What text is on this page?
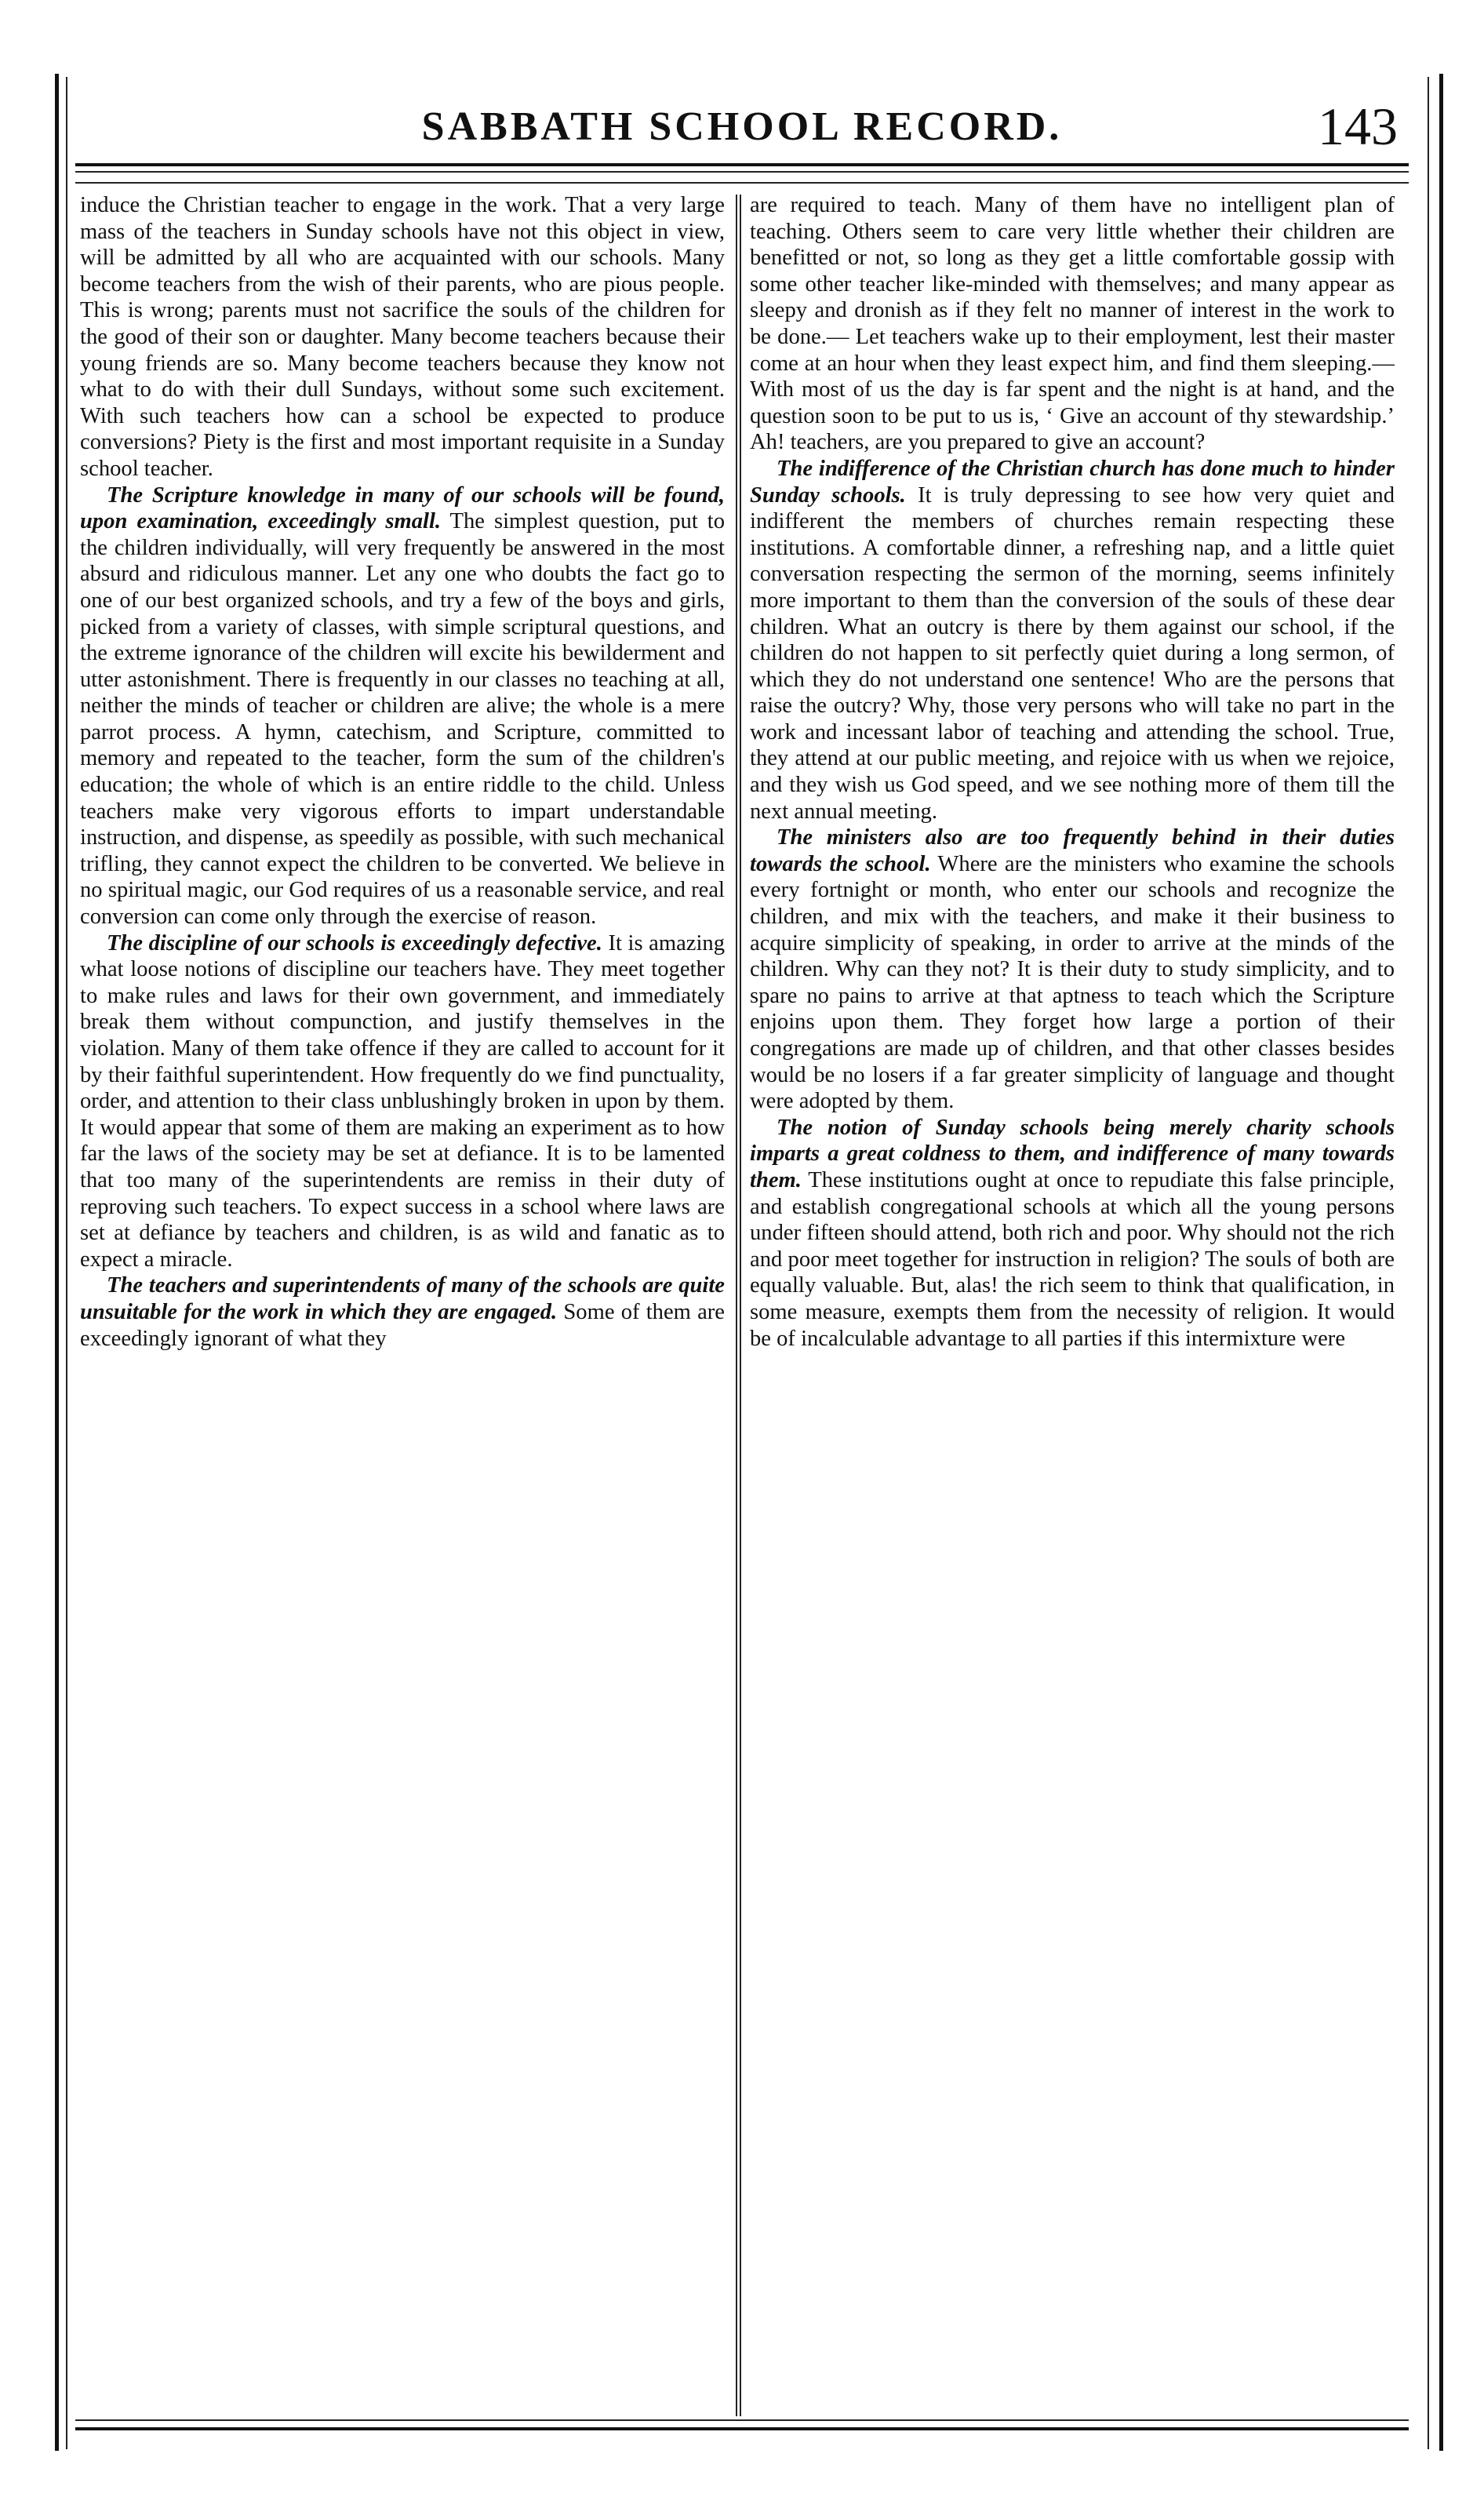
SABBATH SCHOOL RECORD.	143

induce the Christian teacher to engage in the work. That a very large mass of the teachers in Sunday schools have not this object in view, will be admitted by all who are acquainted with our schools. Many become teachers from the wish of their parents, who are pious people. This is wrong; parents must not sacrifice the souls of the children for the good of their son or daughter. Many become teachers because their young friends are so. Many become teachers because they know not what to do with their dull Sundays, without some such excitement. With such teachers how can a school be expected to produce conversions? Piety is the first and most important requisite in a Sunday school teacher.

The Scripture knowledge in many of our schools will be found, upon examination, exceedingly small. The simplest question, put to the children individually, will very frequently be answered in the most absurd and ridiculous manner. Let any one who doubts the fact go to one of our best organized schools, and try a few of the boys and girls, picked from a variety of classes, with simple scriptural questions, and the extreme ignorance of the children will excite his bewilderment and utter astonishment. There is frequently in our classes no teaching at all, neither the minds of teacher or children are alive; the whole is a mere parrot process. A hymn, catechism, and Scripture, committed to memory and repeated to the teacher, form the sum of the children's education; the whole of which is an entire riddle to the child. Unless teachers make very vigorous efforts to impart understandable instruction, and dispense, as speedily as possible, with such mechanical trifling, they cannot expect the children to be converted. We believe in no spiritual magic, our God requires of us a reasonable service, and real conversion can come only through the exercise of reason.

The discipline of our schools is exceedingly defective. It is amazing what loose notions of discipline our teachers have. They meet together to make rules and laws for their own government, and immediately break them without compunction, and justify themselves in the violation. Many of them take offence if they are called to account for it by their faithful superintendent. How frequently do we find punctuality, order, and attention to their class unblushingly broken in upon by them. It would appear that some of them are making an experiment as to how far the laws of the society may be set at defiance. It is to be lamented that too many of the superintendents are remiss in their duty of reproving such teachers. To expect success in a school where laws are set at defiance by teachers and children, is as wild and fanatic as to expect a miracle.

The teachers and superintendents of many of the schools are quite unsuitable for the work in which they are engaged. Some of them are exceedingly ignorant of what they

are required to teach. Many of them have no intelligent plan of teaching. Others seem to care very little whether their children are benefitted or not, so long as they get a little comfortable gossip with some other teacher like-minded with themselves; and many appear as sleepy and dronish as if they felt no manner of interest in the work to be done.— Let teachers wake up to their employment, lest their master come at an hour when they least expect him, and find them sleeping.— With most of us the day is far spent and the night is at hand, and the question soon to be put to us is, ‘ Give an account of thy stewardship.’ Ah! teachers, are you prepared to give an account?

The indifference of the Christian church has done much to hinder Sunday schools. It is truly depressing to see how very quiet and indifferent the members of churches remain respecting these institutions. A comfortable dinner, a refreshing nap, and a little quiet conversation respecting the sermon of the morning, seems infinitely more important to them than the conversion of the souls of these dear children. What an outcry is there by them against our school, if the children do not happen to sit perfectly quiet during a long sermon, of which they do not understand one sentence! Who are the persons that raise the outcry? Why, those very persons who will take no part in the work and incessant labor of teaching and attending the school. True, they attend at our public meeting, and rejoice with us when we rejoice, and they wish us God speed, and we see nothing more of them till the next annual meeting.

The ministers also are too frequently behind in their duties towards the school. Where are the ministers who examine the schools every fortnight or month, who enter our schools and recognize the children, and mix with the teachers, and make it their business to acquire simplicity of speaking, in order to arrive at the minds of the children. Why can they not? It is their duty to study simplicity, and to spare no pains to arrive at that aptness to teach which the Scripture enjoins upon them. They forget how large a portion of their congregations are made up of children, and that other classes besides would be no losers if a far greater simplicity of language and thought were adopted by them.

The notion of Sunday schools being merely charity schools imparts a great coldness to them, and indifference of many towards them. These institutions ought at once to repudiate this false principle, and establish congregational schools at which all the young persons under fifteen should attend, both rich and poor. Why should not the rich and poor meet together for instruction in religion? The souls of both are equally valuable. But, alas! the rich seem to think that qualification, in some measure, exempts them from the necessity of religion. It would be of incalculable advantage to all parties if this intermixture were
